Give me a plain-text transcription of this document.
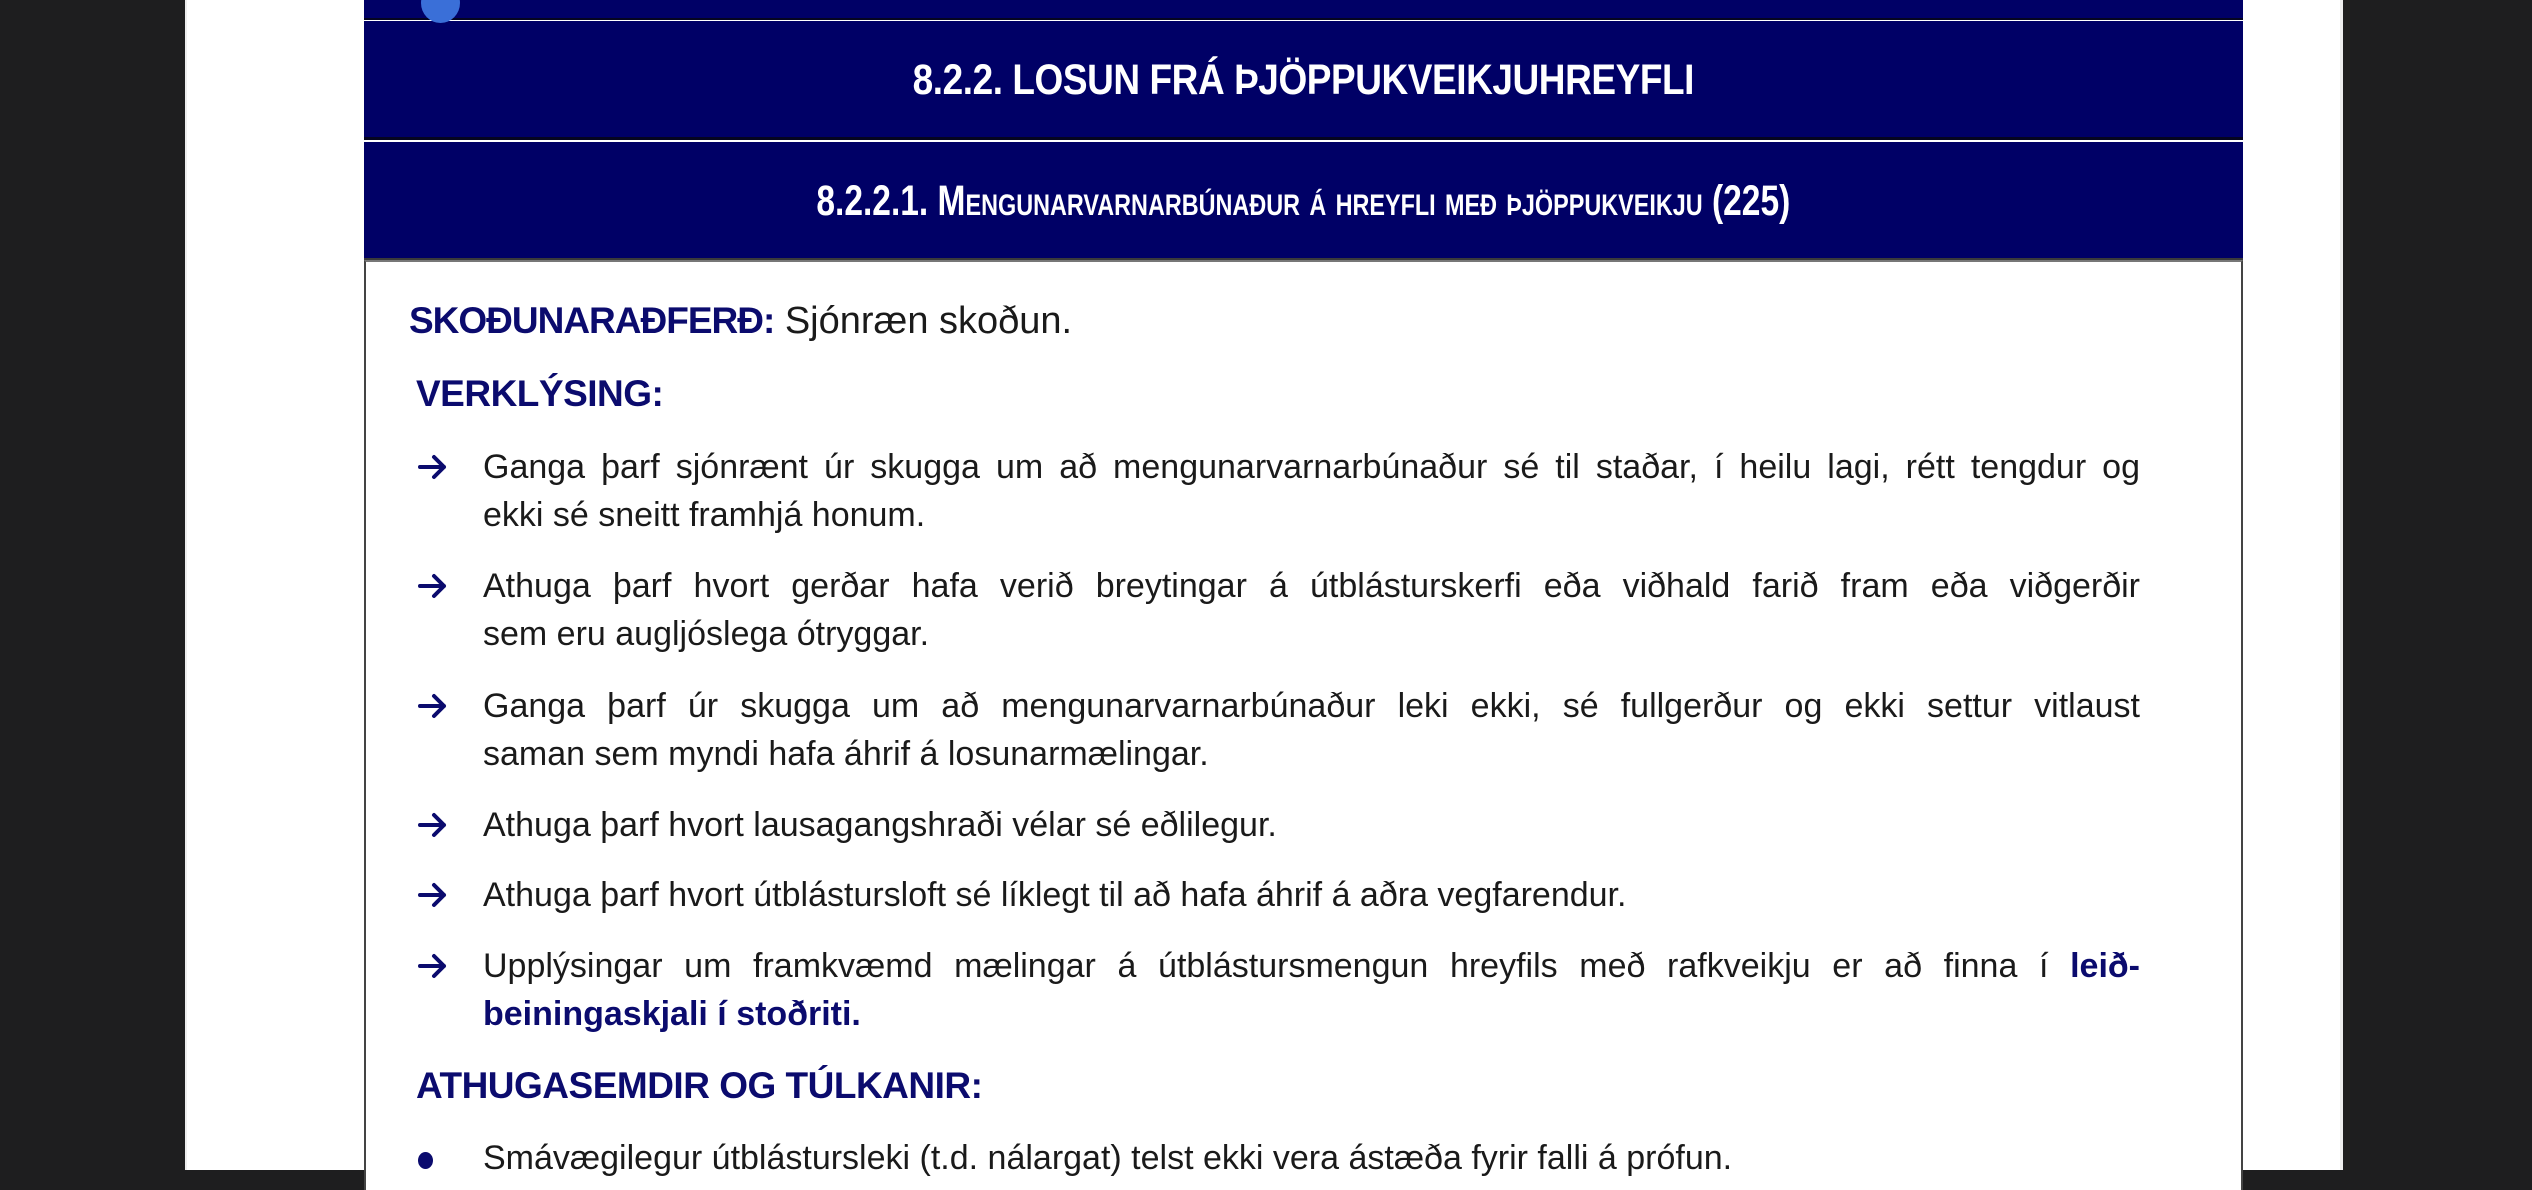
8.2.2. LOSUN FRÁ ÞJÖPPUKVEIKJUHREYFLI
8.2.2.1. Mengunarvarnarbúnaður á hreyfli með þjöppukveikju (225)
SKOÐUNARAÐFERÐ: Sjónræn skoðun.
VERKLÝSING:
Ganga þarf sjónrænt úr skugga um að mengunarvarnarbúnaður sé til staðar, í heilu lagi, rétt tengdur og
ekki sé sneitt framhjá honum.
Athuga þarf hvort gerðar hafa verið breytingar á útblásturskerfi eða viðhald farið fram eða viðgerðir
sem eru augljóslega ótryggar.
Ganga þarf úr skugga um að mengunarvarnarbúnaður leki ekki, sé fullgerður og ekki settur vitlaust
saman sem myndi hafa áhrif á losunarmælingar.
Athuga þarf hvort lausagangshraði vélar sé eðlilegur.
Athuga þarf hvort útblástursloft sé líklegt til að hafa áhrif á aðra vegfarendur.
Upplýsingar um framkvæmd mælingar á útblástursmengun hreyfils með rafkveikju er að finna í leið-
beiningaskjali í stoðriti.
ATHUGASEMDIR OG TÚLKANIR:
Smávægilegur útblástursleki (t.d. nálargat) telst ekki vera ástæða fyrir falli á prófun.
